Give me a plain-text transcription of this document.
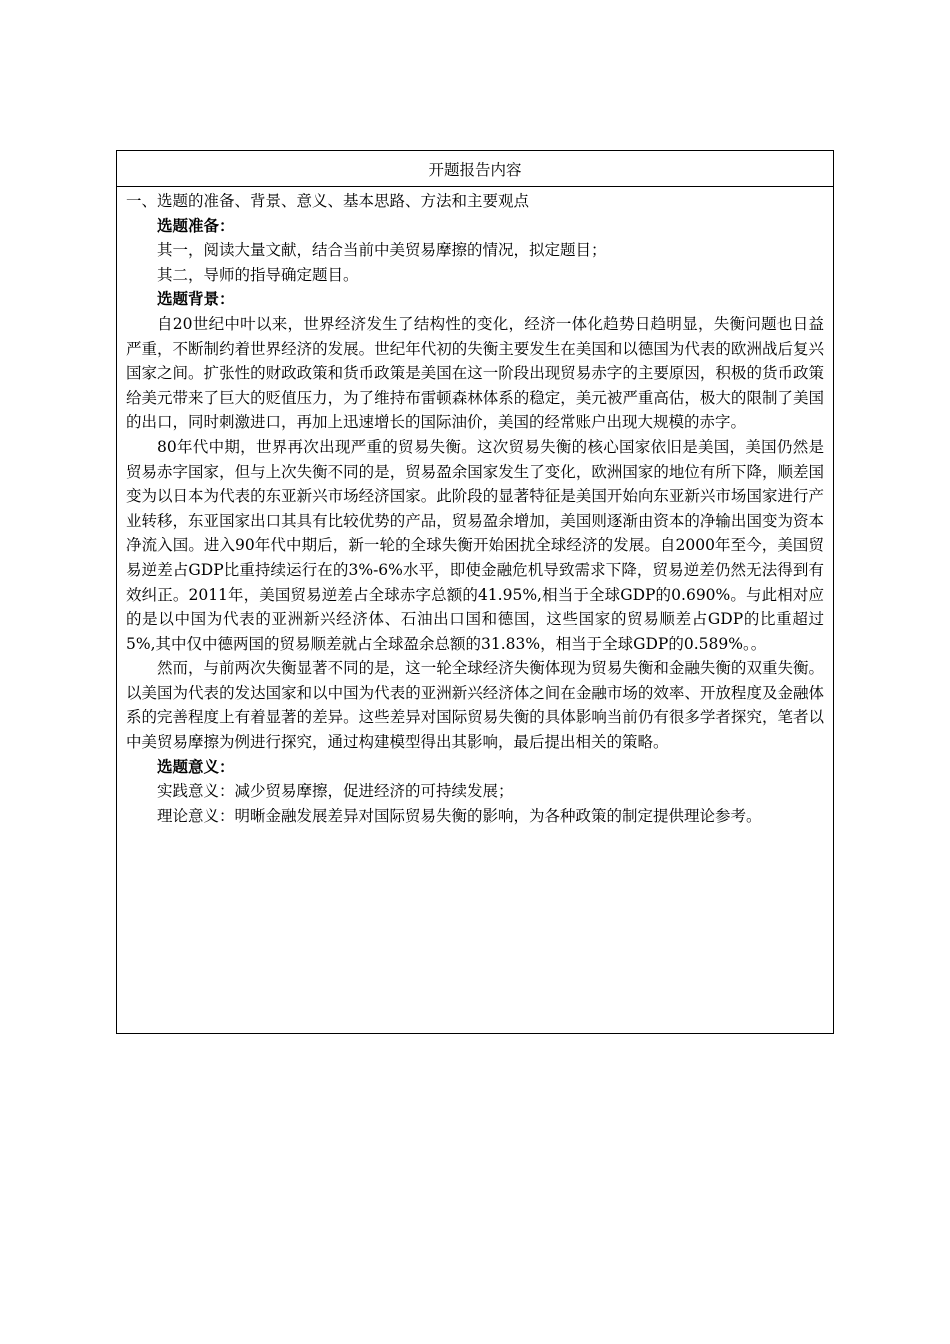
开题报告内容
一、选题的准备、背景、意义、基本思路、方法和主要观点
选题准备：
其一，阅读大量文献，结合当前中美贸易摩擦的情况，拟定题目；
其二，导师的指导确定题目。
选题背景：

自20世纪中叶以来，世界经济发生了结构性的变化，经济一体化趋势日趋明显，失衡问题也日益严重，不断制约着世界经济的发展。世纪年代初的失衡主要发生在美国和以德国为代表的欧洲战后复兴国家之间。扩张性的财政政策和货币政策是美国在这一阶段出现贸易赤字的主要原因，积极的货币政策给美元带来了巨大的贬值压力，为了维持布雷顿森林体系的稳定，美元被严重高估，极大的限制了美国的出口，同时刺激进口，再加上迅速增长的国际油价，美国的经常账户出现大规模的赤字。

80年代中期，世界再次出现严重的贸易失衡。这次贸易失衡的核心国家依旧是美国，美国仍然是贸易赤字国家，但与上次失衡不同的是，贸易盈余国家发生了变化，欧洲国家的地位有所下降，顺差国变为以日本为代表的东亚新兴市场经济国家。此阶段的显著特征是美国开始向东亚新兴市场国家进行产业转移，东亚国家出口其具有比较优势的产品，贸易盈余增加，美国则逐渐由资本的净输出国变为资本净流入国。进入90年代中期后，新一轮的全球失衡开始困扰全球经济的发展。自2000年至今，美国贸易逆差占GDP比重持续运行在的3%-6%水平，即使金融危机导致需求下降，贸易逆差仍然无法得到有效纠正。2011年，美国贸易逆差占全球赤字总额的41.95%,相当于全球GDP的0.690%。与此相对应的是以中国为代表的亚洲新兴经济体、石油出口国和德国，这些国家的贸易顺差占GDP的比重超过5%,其中仅中德两国的贸易顺差就占全球盈余总额的31.83%，相当于全球GDP的0.589%。。

然而，与前两次失衡显著不同的是，这一轮全球经济失衡体现为贸易失衡和金融失衡的双重失衡。以美国为代表的发达国家和以中国为代表的亚洲新兴经济体之间在金融市场的效率、开放程度及金融体系的完善程度上有着显著的差异。这些差异对国际贸易失衡的具体影响当前仍有很多学者探究，笔者以中美贸易摩擦为例进行探究，通过构建模型得出其影响，最后提出相关的策略。

选题意义：

实践意义：减少贸易摩擦，促进经济的可持续发展；

理论意义：明晰金融发展差异对国际贸易失衡的影响，为各种政策的制定提供理论参考。
